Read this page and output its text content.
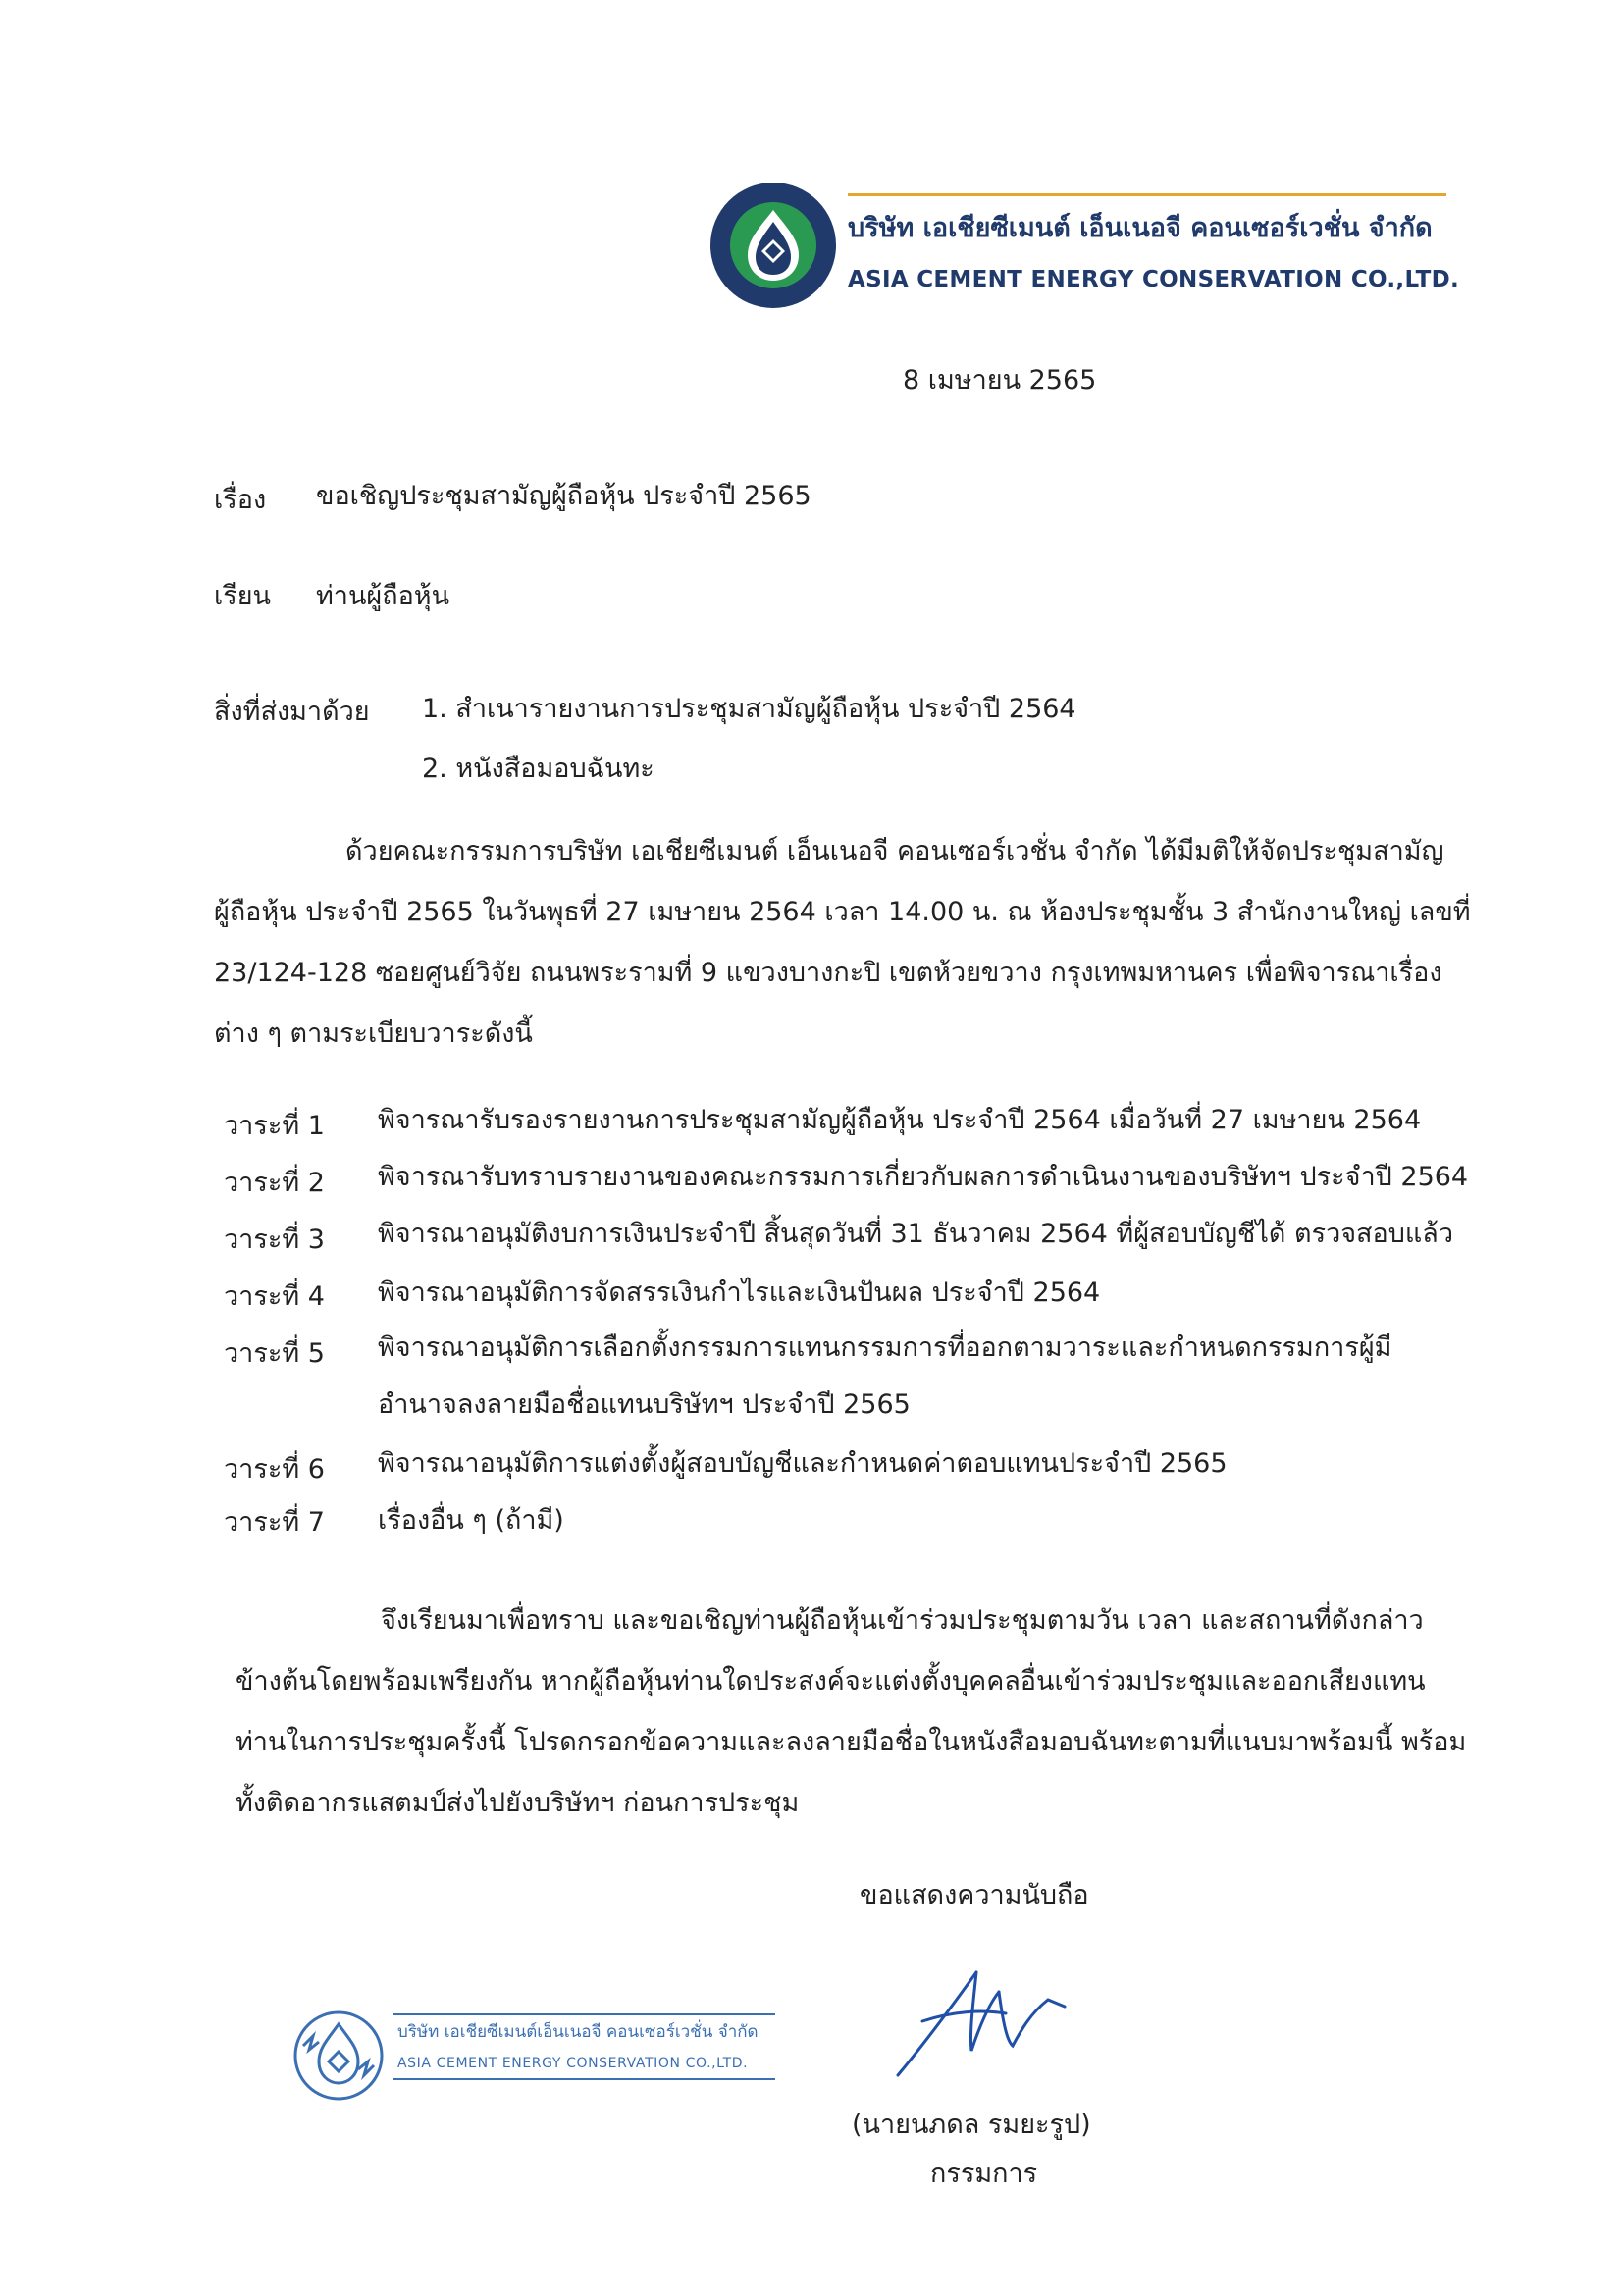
บริษัท เอเชียซีเมนต์ เอ็นเนอจี คอนเซอร์เวชั่น จำกัด
ASIA CEMENT ENERGY CONSERVATION CO.,LTD.
8 เมษายน 2565
เรื่อง ขอเชิญประชุมสามัญผู้ถือหุ้น ประจำปี 2565
เรียน ท่านผู้ถือหุ้น
สิ่งที่ส่งมาด้วย 1. สำเนารายงานการประชุมสามัญผู้ถือหุ้น ประจำปี 2564
2. หนังสือมอบฉันทะ
ด้วยคณะกรรมการบริษัท เอเชียซีเมนต์ เอ็นเนอจี คอนเซอร์เวชั่น จำกัด ได้มีมติให้จัดประชุมสามัญ
ผู้ถือหุ้น ประจำปี 2565 ในวันพุธที่ 27 เมษายน 2564 เวลา 14.00 น. ณ ห้องประชุมชั้น 3 สำนักงานใหญ่ เลขที่
23/124-128 ซอยศูนย์วิจัย ถนนพระรามที่ 9 แขวงบางกะปิ เขตห้วยขวาง กรุงเทพมหานคร เพื่อพิจารณาเรื่อง
ต่าง ๆ ตามระเบียบวาระดังนี้
วาระที่ 1 พิจารณารับรองรายงานการประชุมสามัญผู้ถือหุ้น ประจำปี 2564 เมื่อวันที่ 27 เมษายน 2564
วาระที่ 2 พิจารณารับทราบรายงานของคณะกรรมการเกี่ยวกับผลการดำเนินงานของบริษัทฯ ประจำปี 2564
วาระที่ 3 พิจารณาอนุมัติงบการเงินประจำปี สิ้นสุดวันที่ 31 ธันวาคม 2564 ที่ผู้สอบบัญชีได้ ตรวจสอบแล้ว
วาระที่ 4 พิจารณาอนุมัติการจัดสรรเงินกำไรและเงินปันผล ประจำปี 2564
วาระที่ 5 พิจารณาอนุมัติการเลือกตั้งกรรมการแทนกรรมการที่ออกตามวาระและกำหนดกรรมการผู้มี
อำนาจลงลายมือชื่อแทนบริษัทฯ ประจำปี 2565
วาระที่ 6 พิจารณาอนุมัติการแต่งตั้งผู้สอบบัญชีและกำหนดค่าตอบแทนประจำปี 2565
วาระที่ 7 เรื่องอื่น ๆ (ถ้ามี)
จึงเรียนมาเพื่อทราบ และขอเชิญท่านผู้ถือหุ้นเข้าร่วมประชุมตามวัน เวลา และสถานที่ดังกล่าว
ข้างต้นโดยพร้อมเพรียงกัน หากผู้ถือหุ้นท่านใดประสงค์จะแต่งตั้งบุคคลอื่นเข้าร่วมประชุมและออกเสียงแทน
ท่านในการประชุมครั้งนี้ โปรดกรอกข้อความและลงลายมือชื่อในหนังสือมอบฉันทะตามที่แนบมาพร้อมนี้ พร้อม
ทั้งติดอากรแสตมป์ส่งไปยังบริษัทฯ ก่อนการประชุม
ขอแสดงความนับถือ
บริษัท เอเชียซีเมนต์เอ็นเนอจี คอนเซอร์เวชั่น จำกัด
ASIA CEMENT ENERGY CONSERVATION CO.,LTD.
(นายนภดล รมยะรูป)
กรรมการ
